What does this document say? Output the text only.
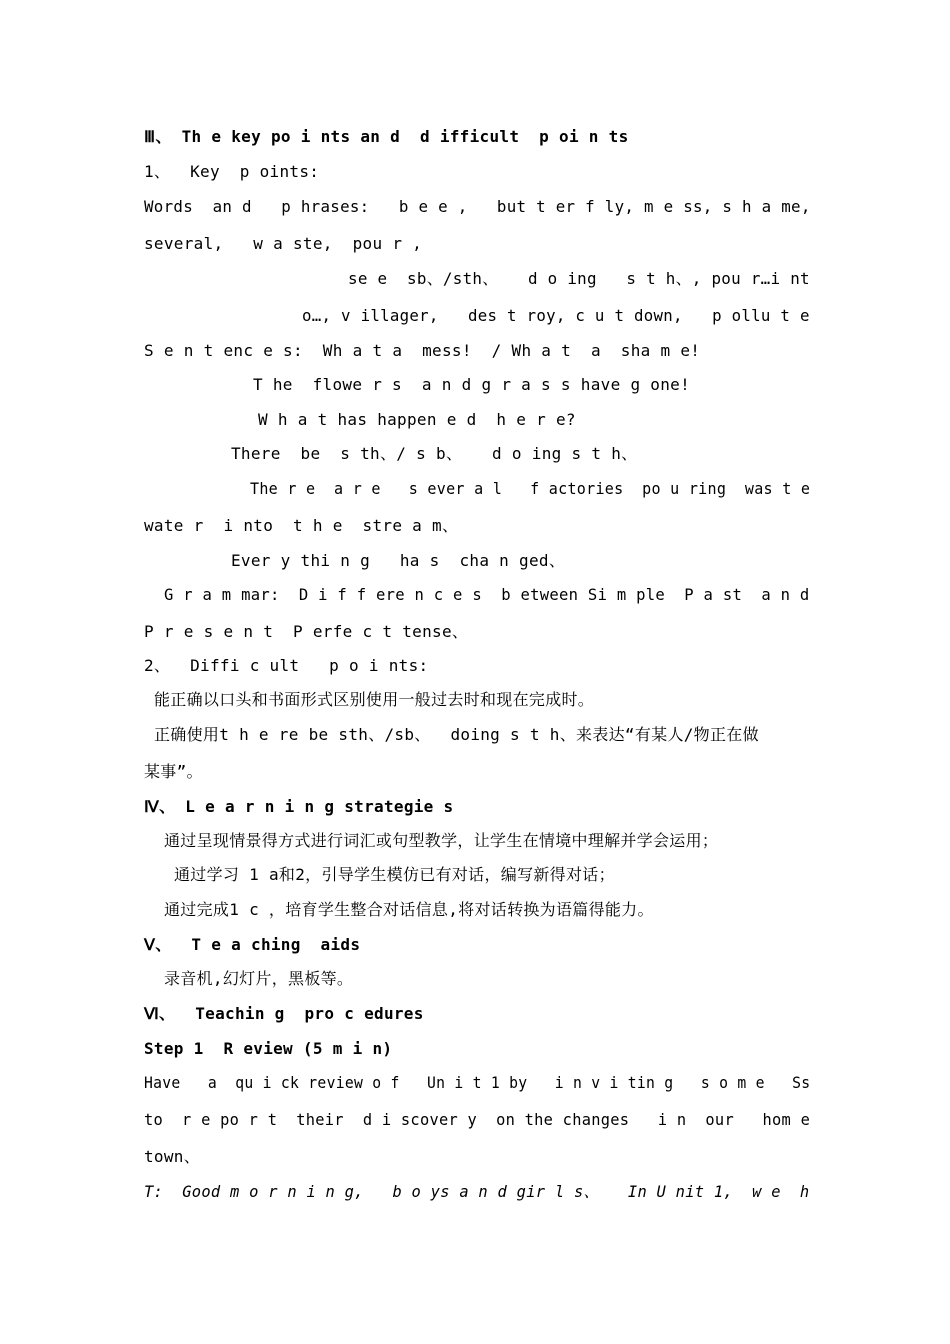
Ⅲ、 Th e key po i nts an d  d ifficult  p oi n ts
1、  Key  p oints:
Words  an d   p hrases:   b e e ,   but t er f ly, m e ss, s h a me,
several,   w a ste,  pou r ,
se e  sb、/sth、   d o ing   s t h、, pou r…i nt
o…, v illager,   des t roy, c u t down,   p ollu t e
S e n t enc e s:  Wh a t a  mess!  / Wh a t  a  sha m e!
T he  flowe r s  a n d g r a s s have g one!
W h a t has happen e d  h e r e?
There  be  s th、/ s b、   d o ing s t h、
The r e  a r e   s ever a l   f actories  po u ring  was t e
wate r  i nto  t h e  stre a m、
Ever y thi n g   ha s  cha n ged、
G r a m mar:  D i f f ere n c e s  b etween Si m ple  P a st  a n d
P r e s e n t  P erfe c t tense、
2、  Diffi c ult   p o i nts:
能正确以口头和书面形式区别使用一般过去时和现在完成时。
正确使用t h e re be sth、/sb、  doing s t h、来表达“有某人/物正在做
某事”。
Ⅳ、 L e a r n i n g strategie s
通过呈现情景得方式进行词汇或句型教学，让学生在情境中理解并学会运用；
通过学习 1 a和2，引导学生模仿已有对话，编写新得对话；
通过完成1 c ，培育学生整合对话信息,将对话转换为语篇得能力。
Ⅴ、  T e a ching  aids
录音机,幻灯片，黑板等。
Ⅵ、  Teachin g  pro c edures
Step 1  R eview (5 m i n)
Have   a  qu i ck review o f   Un i t 1 by   i n v i tin g   s o m e   Ss
to  r e po r t  their  d i scover y  on the changes   i n  our   hom e
town、
T:  Good m o r n i n g,   b o ys a n d gir l s、   In U nit 1,  w e  h
